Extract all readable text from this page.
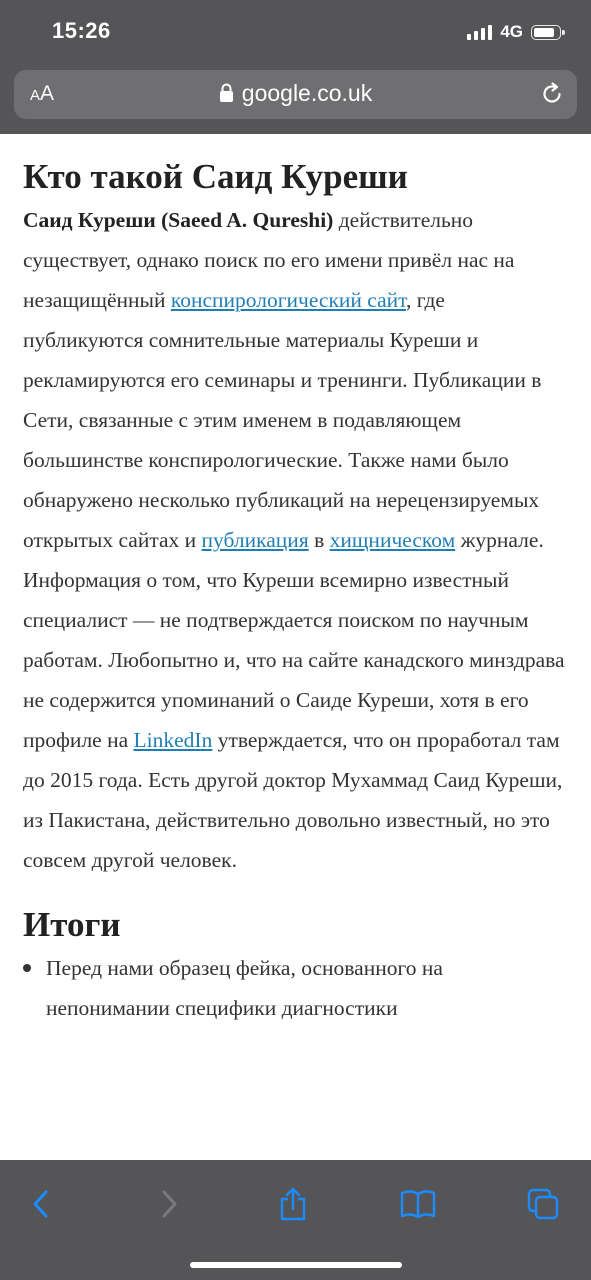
15:26	4G
AA	google.co.uk
Кто такой Саид Куреши

Саид Куреши (Saeed A. Qureshi) действительно существует, однако поиск по его имени привёл нас на незащищённый конспирологический сайт, где публикуются сомнительные материалы Куреши и рекламируются его семинары и тренинги. Публикации в Сети, связанные с этим именем в подавляющем большинстве конспирологические. Также нами было обнаружено несколько публикаций на нерецензируемых открытых сайтах и публикация в хищническом журнале. Информация о том, что Куреши всемирно известный специалист — не подтверждается поиском по научным работам. Любопытно и, что на сайте канадского минздрава не содержится упоминаний о Саиде Куреши, хотя в его профиле на LinkedIn утверждается, что он проработал там до 2015 года. Есть другой доктор Мухаммад Саид Куреши, из Пакистана, действительно довольно известный, но это совсем другой человек.

Итоги
Перед нами образец фейка, основанного на непонимании специфики диагностики
